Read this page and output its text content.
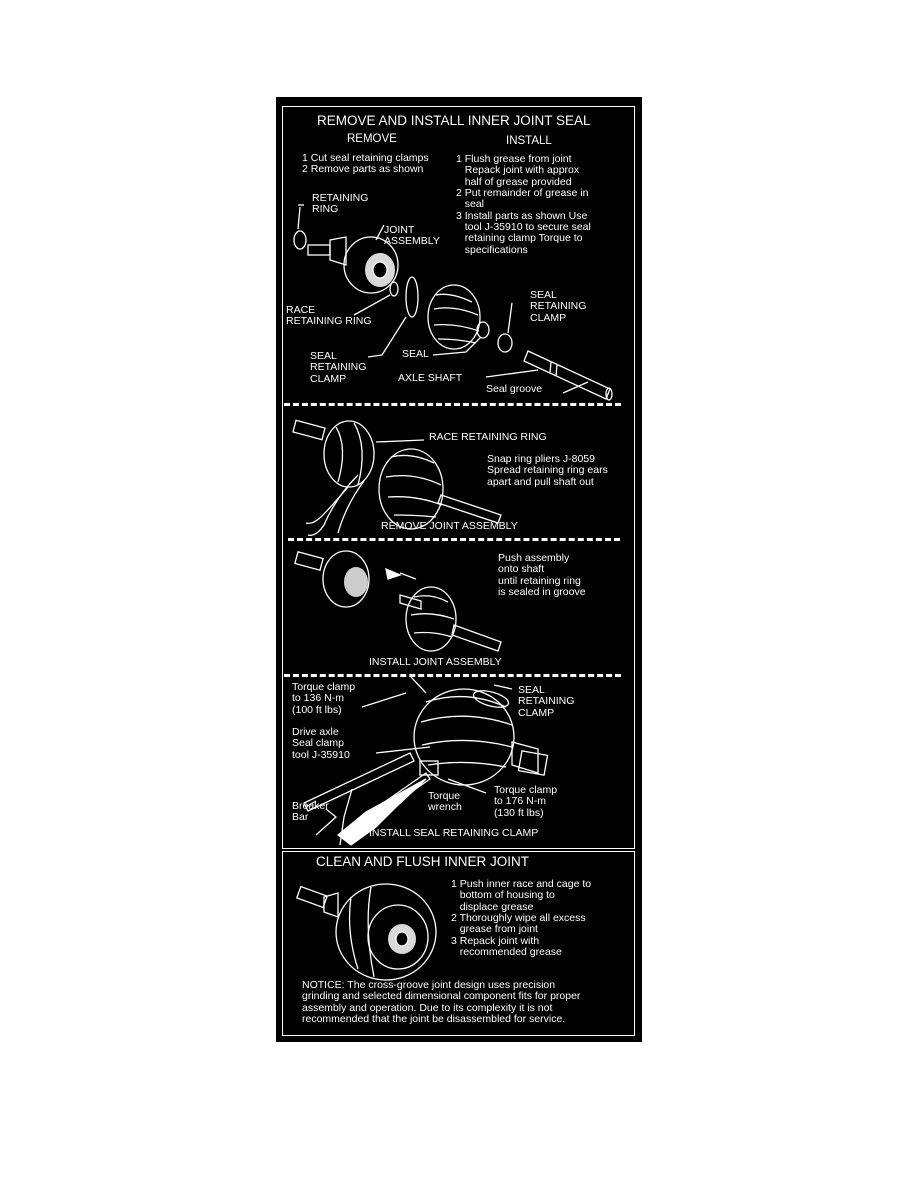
REMOVE AND INSTALL INNER JOINT SEAL
REMOVE	INSTALL
1 Cut seal retaining clamps
2 Remove parts as shown
1 Flush grease from joint
Repack joint with approx
half of grease provided
2 Put remainder of grease in
seal
3 Install parts as shown Use
tool J-35910 to secure seal
retaining clamp Torque to
specifications
RETAINING
RING
JOINT
ASSEMBLY
RACE
RETAINING RING
SEAL
RETAINING
CLAMP
SEAL
SEAL
RETAINING
CLAMP
AXLE SHAFT
Seal groove
RACE RETAINING RING
Snap ring pliers J-8059
Spread retaining ring ears
apart and pull shaft out
REMOVE JOINT ASSEMBLY
Push assembly
onto shaft
until retaining ring
is sealed in groove
INSTALL JOINT ASSEMBLY
Torque clamp
to 136 N-m
(100 ft lbs)
Drive axle
Seal clamp
tool J-35910
SEAL
RETAINING
CLAMP
Torque clamp
to 176 N-m
(130 ft lbs)
Breaker
Bar
Torque
wrench
INSTALL SEAL RETAINING CLAMP
CLEAN AND FLUSH INNER JOINT
1 Push inner race and cage to
bottom of housing to
displace grease
2 Thoroughly wipe all excess
grease from joint
3 Repack joint with
recommended grease
NOTICE: The cross-groove joint design uses precision
grinding and selected dimensional component fits for proper
assembly and operation. Due to its complexity it is not
recommended that the joint be disassembled for service.
